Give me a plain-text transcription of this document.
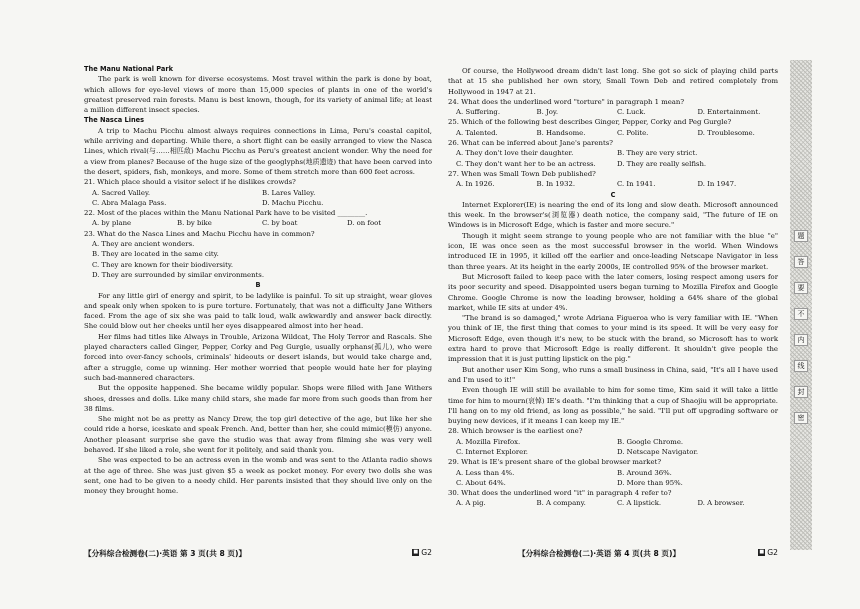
The Manu National Park

The park is well known for diverse ecosystems. Most travel within the park is done by boat, which allows for eye-level views of more than 15,000 species of plants in one of the world's greatest preserved rain forests. Manu is best known, though, for its variety of animal life; at least a million different insect species.

The Nasca Lines

A trip to Machu Picchu almost always requires connections in Lima, Peru's coastal capitol, while arriving and departing. While there, a short flight can be easily arranged to view the Nasca Lines, which rival(与……相匹敌) Machu Picchu as Peru's greatest ancient wonder. Why the need for a view from planes? Because of the huge size of the geoglyphs(地质遗迹) that have been carved into the desert, spiders, fish, monkeys, and more. Some of them stretch more than 600 feet across.

21. Which place should a visitor select if he dislikes crowds?

A. Sacred Valley.	B. Lares Valley.
C. Abra Malaga Pass.	D. Machu Picchu.

22. Most of the places within the Manu National Park have to be visited ________.

A. by plane	B. by bike	C. by boat	D. on foot

23. What do the Nasca Lines and Machu Picchu have in common?

A. They are ancient wonders.
B. They are located in the same city.
C. They are known for their biodiversity.
D. They are surrounded by similar environments.

B

For any little girl of energy and spirit, to be ladylike is painful. To sit up straight, wear gloves and speak only when spoken to is pure torture. Fortunately, that was not a difficulty Jane Withers faced. From the age of six she was paid to talk loud, walk awkwardly and answer back directly. She could blow out her cheeks until her eyes disappeared almost into her head.

Her films had titles like Always in Trouble, Arizona Wildcat, The Holy Terror and Rascals. She played characters called Ginger, Pepper, Corky and Peg Gurgle, usually orphans(孤儿), who were forced into over-fancy schools, criminals' hideouts or desert islands, but would take charge and, after a struggle, come up winning. Her mother worried that people would hate her for playing such bad-mannered characters.

But the opposite happened. She became wildly popular. Shops were filled with Jane Withers shoes, dresses and dolls. Like many child stars, she made far more from such goods than from her 38 films.

She might not be as pretty as Nancy Drew, the top girl detective of the age, but like her she could ride a horse, iceskate and speak French. And, better than her, she could mimic(模仿) anyone. Another pleasant surprise she gave the studio was that away from filming she was very well behaved. If she liked a role, she went for it politely, and said thank you.

She was expected to be an actress even in the womb and was sent to the Atlanta radio shows at the age of three. She was just given $5 a week as pocket money. For every two dolls she was sent, one had to be given to a needy child. Her parents insisted that they should live only on the money they brought home.

Of course, the Hollywood dream didn't last long. She got so sick of playing child parts that at 15 she published her own story, Small Town Deb and retired completely from Hollywood in 1947 at 21.

24. What does the underlined word "torture" in paragraph 1 mean?

A. Suffering.	B. Joy.	C. Luck.	D. Entertainment.

25. Which of the following best describes Ginger, Pepper, Corky and Peg Gurgle?

A. Talented.	B. Handsome.	C. Polite.	D. Troublesome.

26. What can be inferred about Jane's parents?

A. They don't love their daughter.	B. They are very strict.
C. They don't want her to be an actress.	D. They are really selfish.

27. When was Small Town Deb published?

A. In 1926.	B. In 1932.	C. In 1941.	D. In 1947.

C

Internet Explorer(IE) is nearing the end of its long and slow death. Microsoft announced this week. In the browser's(浏览器) death notice, the company said, "The future of IE on Windows is in Microsoft Edge, which is faster and more secure."

Though it might seem strange to young people who are not familiar with the blue "e" icon, IE was once seen as the most successful browser in the world. When Windows introduced IE in 1995, it killed off the earlier and once-leading Netscape Navigator in less than three years. At its height in the early 2000s, IE controlled 95% of the browser market.

But Microsoft failed to keep pace with the later comers, losing respect among users for its poor security and speed. Disappointed users began turning to Mozilla Firefox and Google Chrome. Google Chrome is now the leading browser, holding a 64% share of the global market, while IE sits at under 4%.

"The brand is so damaged," wrote Adriana Figueroa who is very familiar with IE. "When you think of IE, the first thing that comes to your mind is its speed. It will be very easy for Microsoft Edge, even though it's new, to be stuck with the brand, so Microsoft has to work extra hard to prove that Microsoft Edge is really different. It shouldn't give people the impression that it is just putting lipstick on the pig."

But another user Kim Song, who runs a small business in China, said, "It's all I have used and I'm used to it!"

Even though IE will still be available to him for some time, Kim said it will take a little time for him to mourn(哀悼) IE's death. "I'm thinking that a cup of Shaojiu will be appropriate. I'll hang on to my old friend, as long as possible," he said. "I'll put off upgrading software or buying new devices, if it means I can keep my IE."

28. Which browser is the earliest one?

A. Mozilla Firefox.	B. Google Chrome.
C. Internet Explorer.	D. Netscape Navigator.

29. What is IE's present share of the global browser market?

A. Less than 4%.	B. Around 36%.
C. About 64%.	D. More than 95%.

30. What does the underlined word "it" in paragraph 4 refer to?

A. A pig.	B. A company.	C. A lipstick.	D. A browser.
【分科综合检测卷(二)·英语 第 3 页(共 8 页)】	■ G2	【分科综合检测卷(二)·英语 第 4 页(共 8 页)】	■ G2
题
答
要
不
内
线
封
密
